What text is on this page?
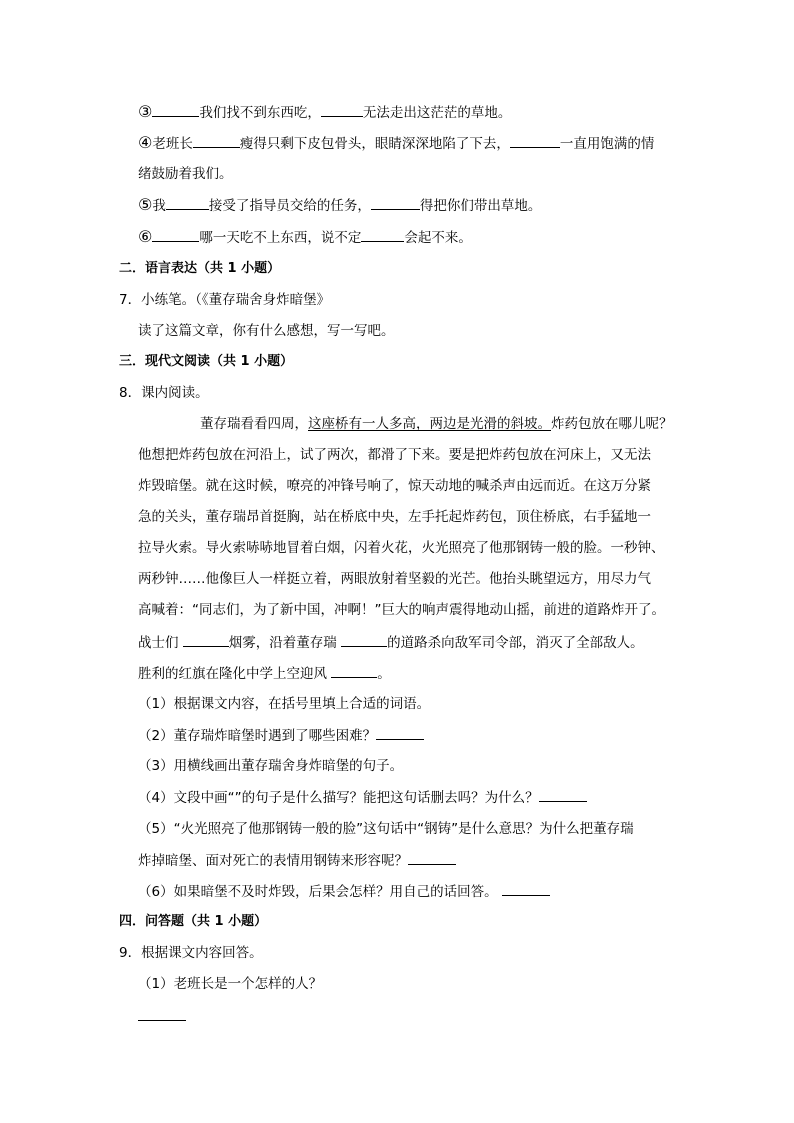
③	我们找不到东西吃，	无法走出这茫茫的草地。
④老班长	瘦得只剩下皮包骨头，眼睛深深地陷了下去，	一直用饱满的情
绪鼓励着我们。
⑤我	接受了指导员交给的任务，	得把你们带出草地。
⑥	哪一天吃不上东西，说不定	会起不来。
二．语言表达（共 1 小题）
7．小练笔。（《董存瑞舍身炸暗堡》
读了这篇文章，你有什么感想，写一写吧。
三．现代文阅读（共 1 小题）
8．课内阅读。
董存瑞看看四周，这座桥有一人多高，两边是光滑的斜坡。炸药包放在哪儿呢？
他想把炸药包放在河沿上，试了两次，都滑了下来。要是把炸药包放在河床上，又无法
炸毁暗堡。就在这时候，嘹亮的冲锋号响了，惊天动地的喊杀声由远而近。在这万分紧
急的关头，董存瑞昂首挺胸，站在桥底中央，左手托起炸药包，顶住桥底，右手猛地一
拉导火索。导火索哧哧地冒着白烟，闪着火花，火光照亮了他那钢铸一般的脸。一秒钟、
两秒钟……他像巨人一样挺立着，两眼放射着坚毅的光芒。他抬头眺望远方，用尽力气
高喊着：“同志们，为了新中国，冲啊！”巨大的响声震得地动山摇，前进的道路炸开了。
战士们	烟雾，沿着董存瑞	的道路杀向敌军司令部，消灭了全部敌人。
胜利的红旗在隆化中学上空迎风	。
（1）根据课文内容，在括号里填上合适的词语。
（2）董存瑞炸暗堡时遇到了哪些困难？
（3）用横线画出董存瑞舍身炸暗堡的句子。
（4）文段中画“”的句子是什么描写？能把这句话删去吗？为什么？
（5）“火光照亮了他那钢铸一般的脸”这句话中“钢铸”是什么意思？为什么把董存瑞
炸掉暗堡、面对死亡的表情用钢铸来形容呢？
（6）如果暗堡不及时炸毁，后果会怎样？用自己的话回答。
四．问答题（共 1 小题）
9．根据课文内容回答。
（1）老班长是一个怎样的人？
